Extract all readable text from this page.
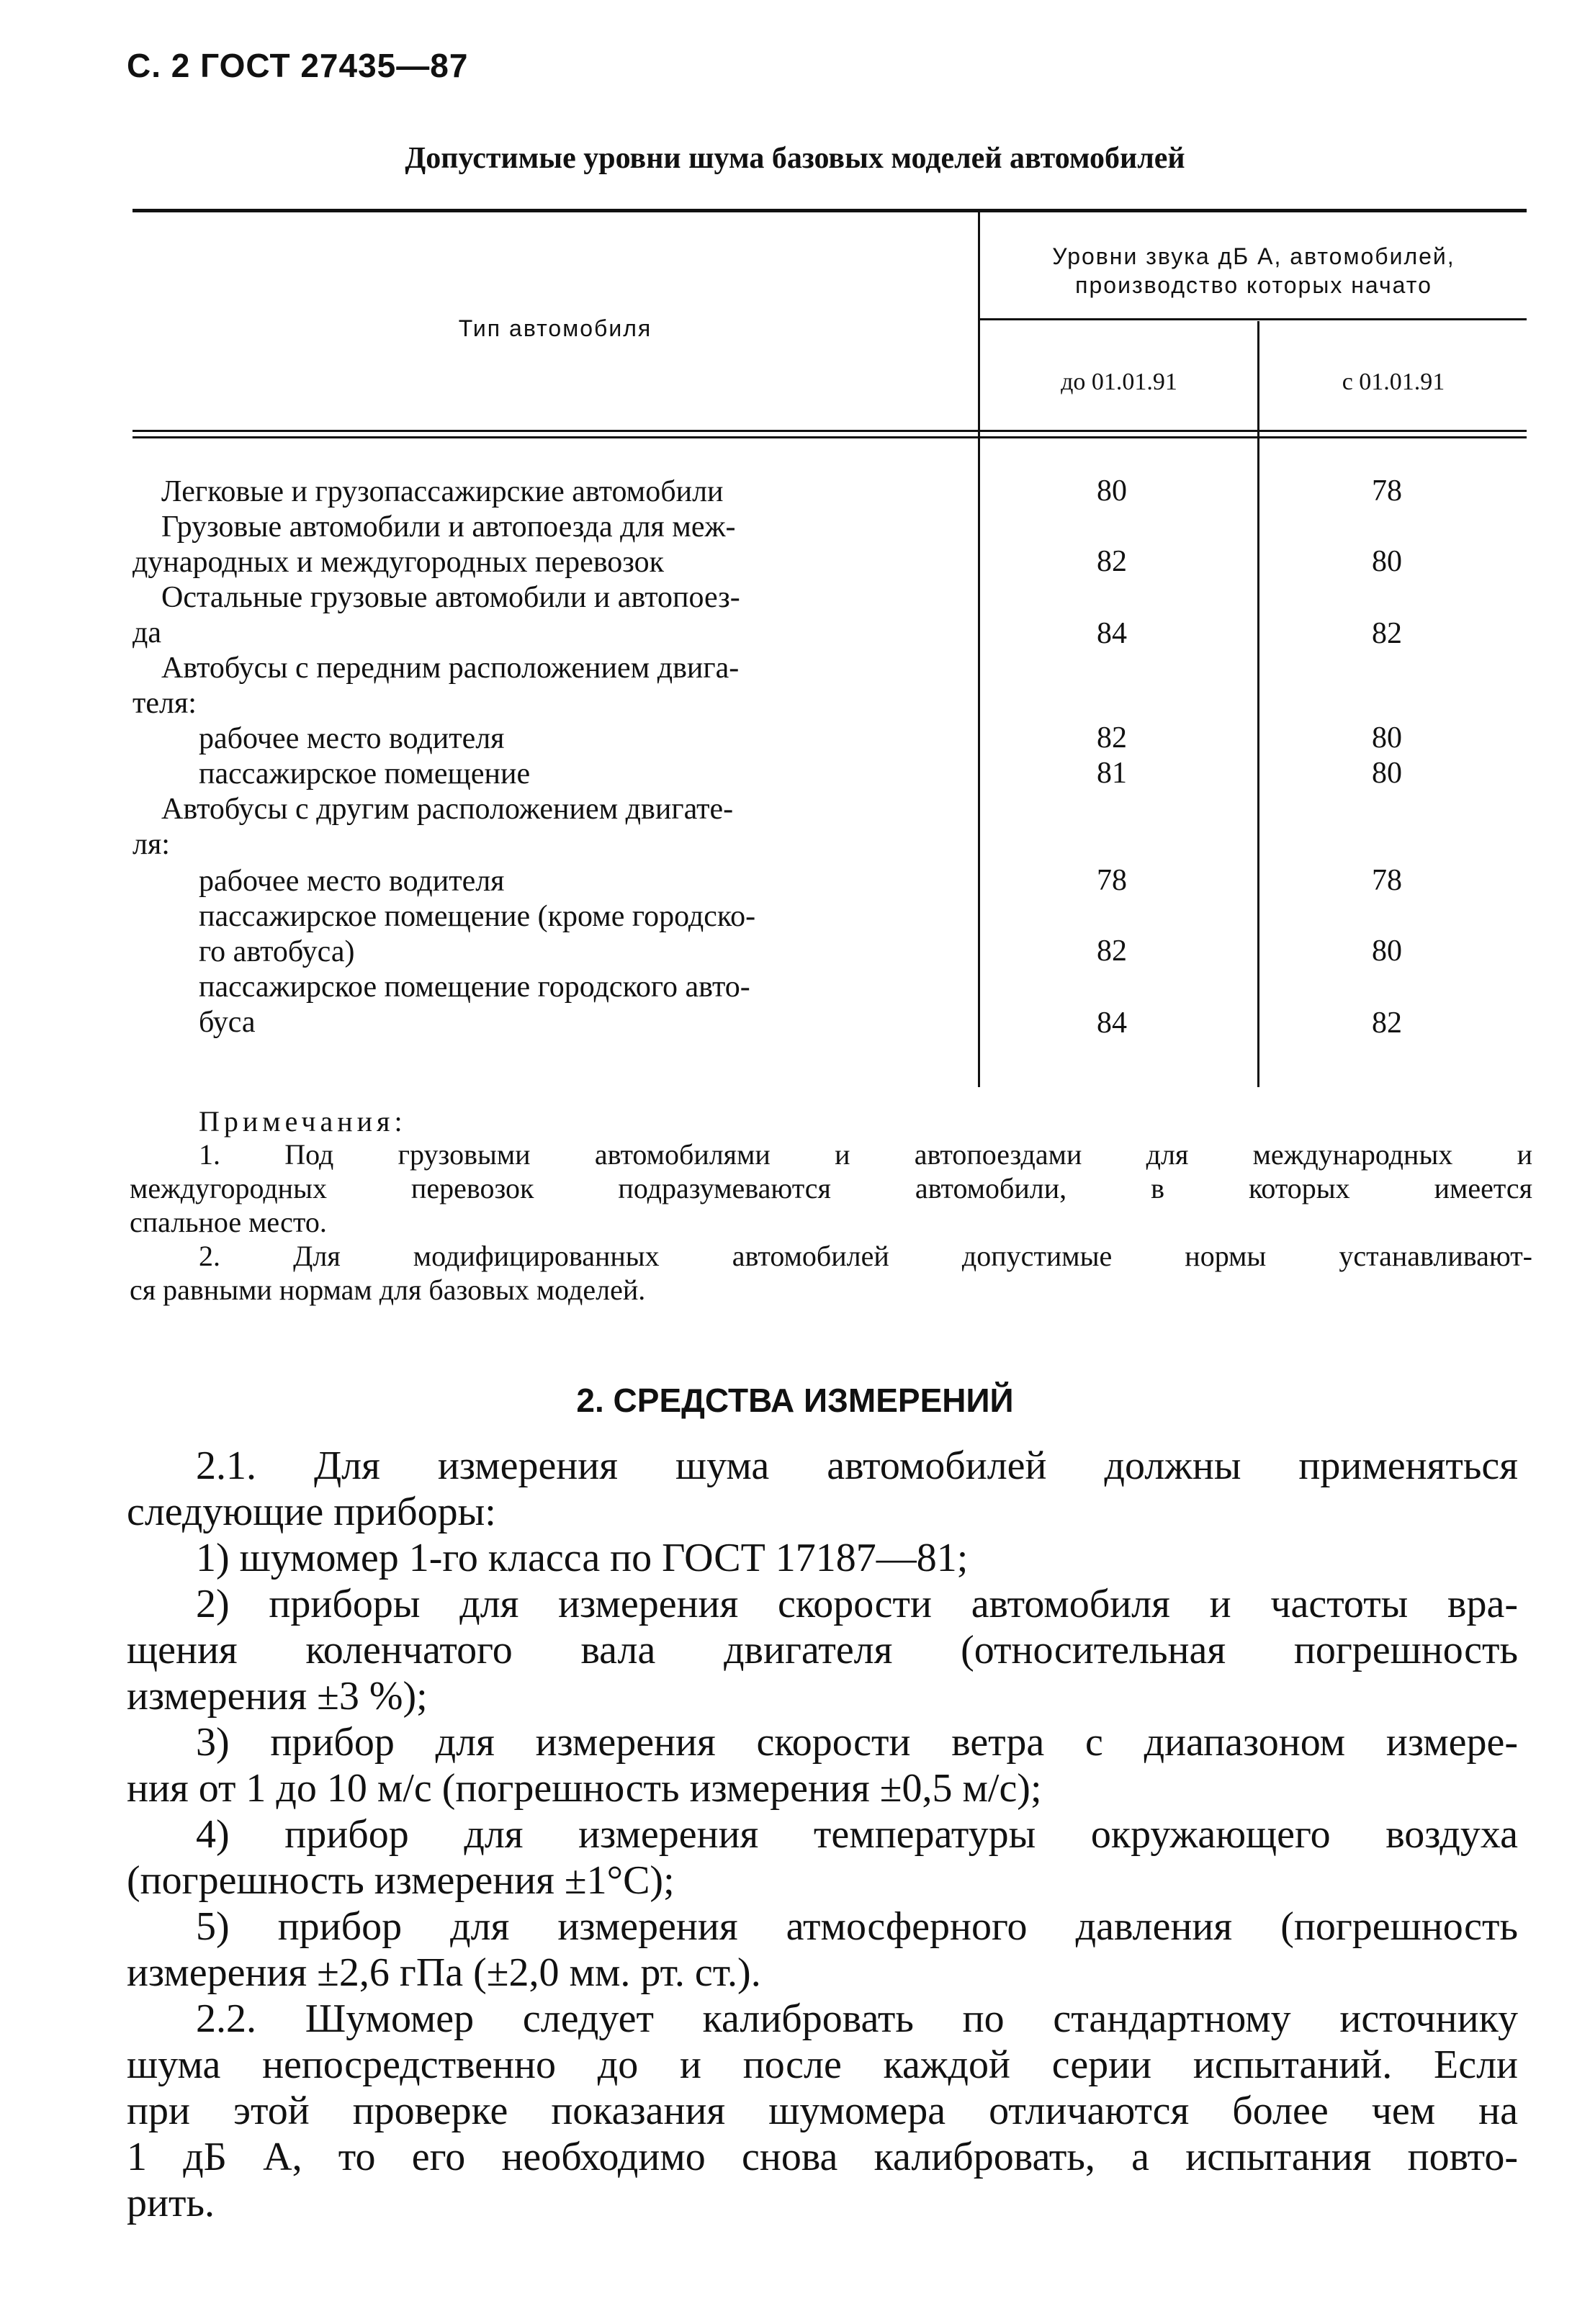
С. 2 ГОСТ 27435—87
Допустимые уровни шума базовых моделей автомобилей
Тип автомобиля
Уровни звука дБ А, автомобилей,
производство которых начато
до 01.01.91	с 01.01.91
Легковые и грузопассажирские автомобили	80	78
Грузовые автомобили и автопоезда для меж-
дународных и междугородных перевозок	82	80
Остальные грузовые автомобили и автопоез-
да	84	82
Автобусы с передним расположением двига-
теля:
рабочее место водителя	82	80
пассажирское помещение	81	80
Автобусы с другим расположением двигате-
ля:
рабочее место водителя	78	78
пассажирское помещение (кроме городско-
го автобуса)	82	80
пассажирское помещение городского авто-
буса	84	82
Примечания:
1. Под грузовыми автомобилями и автопоездами для международных и
междугородных перевозок подразумеваются автомобили, в которых имеется
спальное место.
2. Для модифицированных автомобилей допустимые нормы устанавливают-
ся равными нормам для базовых моделей.
2. СРЕДСТВА ИЗМЕРЕНИЙ
2.1. Для измерения шума автомобилей должны применяться
следующие приборы:
1) шумомер 1-го класса по ГОСТ 17187—81;
2) приборы для измерения скорости автомобиля и частоты вра-
щения коленчатого вала двигателя (относительная погрешность
измерения ±3 %);
3) прибор для измерения скорости ветра с диапазоном измере-
ния от 1 до 10 м/с (погрешность измерения ±0,5 м/с);
4) прибор для измерения температуры окружающего воздуха
(погрешность измерения ±1°С);
5) прибор для измерения атмосферного давления (погрешность
измерения ±2,6 гПа (±2,0 мм. рт. ст.).
2.2. Шумомер следует калибровать по стандартному источнику
шума непосредственно до и после каждой серии испытаний. Если
при этой проверке показания шумомера отличаются более чем на
1 дБ А, то его необходимо снова калибровать, а испытания повто-
рить.
